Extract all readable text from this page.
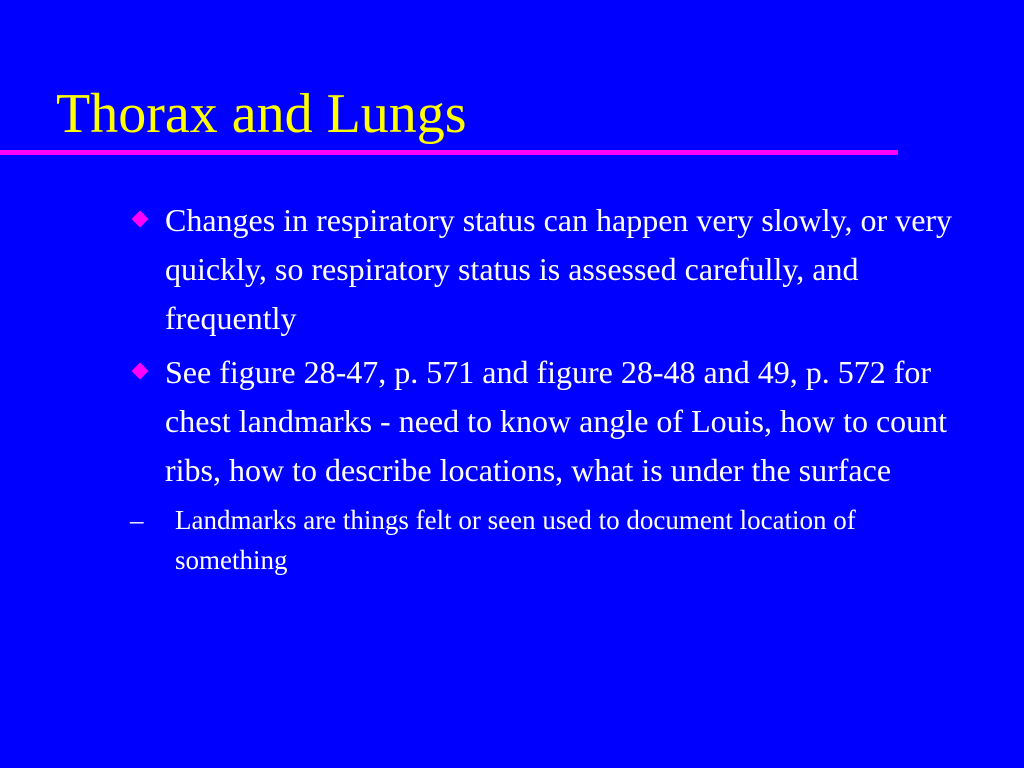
Thorax and Lungs
Changes in respiratory status can happen very slowly, or very quickly, so respiratory status is assessed carefully, and frequently
See figure 28-47, p. 571 and figure 28-48 and 49, p. 572 for chest landmarks - need to know angle of Louis, how to count ribs, how to describe locations, what is under the surface
– Landmarks are things felt or seen used to document location of something
